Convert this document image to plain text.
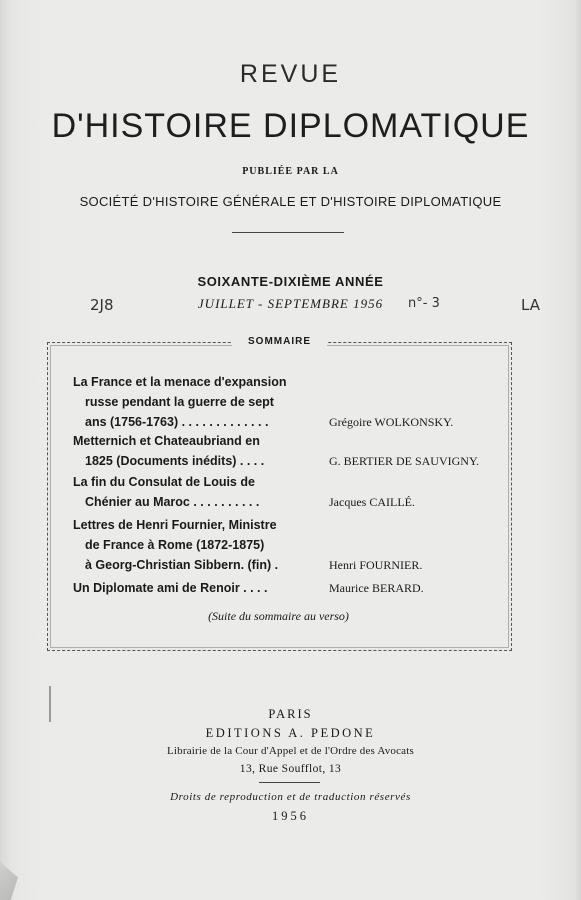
REVUE
D'HISTOIRE DIPLOMATIQUE
PUBLIÉE PAR LA
SOCIÉTÉ D'HISTOIRE GÉNÉRALE ET D'HISTOIRE DIPLOMATIQUE
SOIXANTE-DIXIÈME ANNÉE
JUILLET - SEPTEMBRE 1956
2J8	n°- 3	LA
SOMMAIRE
La France et la menace d'expansion
russe pendant la guerre de sept
ans (1756-1763) . . . . . . . . . . . . .	Grégoire WOLKONSKY.
Metternich et Chateaubriand en
1825 (Documents inédits) . . . .	G. BERTIER DE SAUVIGNY.
La fin du Consulat de Louis de
Chénier au Maroc . . . . . . . . . .	Jacques CAILLÉ.
Lettres de Henri Fournier, Ministre
de France à Rome (1872-1875)
à Georg-Christian Sibbern. (fin) .	Henri FOURNIER.
Un Diplomate ami de Renoir . . . .	Maurice BERARD.
(Suite du sommaire au verso)
PARIS
EDITIONS A. PEDONE
Librairie de la Cour d'Appel et de l'Ordre des Avocats
13, Rue Soufflot, 13
Droits de reproduction et de traduction réservés
1956
